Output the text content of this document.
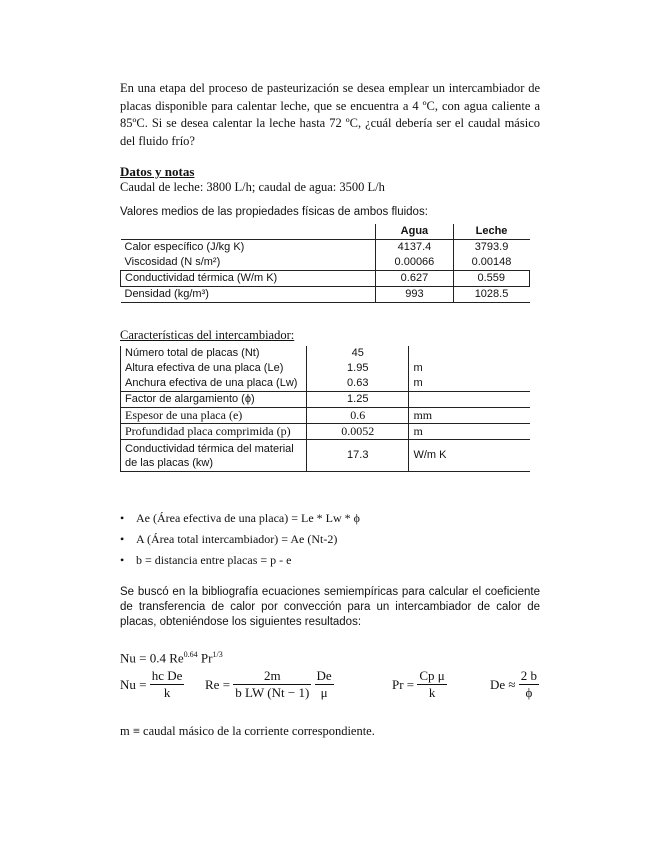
En una etapa del proceso de pasteurización se desea emplear un intercambiador de placas disponible para calentar leche, que se encuentra a 4 ºC, con agua caliente a 85ºC. Si se desea calentar la leche hasta 72 ºC, ¿cuál debería ser el caudal másico del fluido frío?
Datos y notas
Caudal de leche: 3800 L/h; caudal de agua: 3500 L/h
Valores medios de las propiedades físicas de ambos fluidos:
	Agua	Leche
Calor específico (J/kg K)	4137.4	3793.9
Viscosidad (N s/m²)	0.00066	0.00148
Conductividad térmica (W/m K)	0.627	0.559
Densidad (kg/m³)	993	1028.5
Características del intercambiador:
Número total de placas (Nt)	45	
Altura efectiva de una placa (Le)	1.95	m
Anchura efectiva de una placa (Lw)	0.63	m
Factor de alargamiento (ϕ)	1.25	
Espesor de una placa (e)	0.6	mm
Profundidad placa comprimida (p)	0.0052	m
Conductividad térmica del material de las placas (kw)	17.3	W/m K
• Ae (Área efectiva de una placa) = Le * Lw * ϕ
• A (Área total intercambiador) = Ae (Nt-2)
• b = distancia entre placas = p - e
Se buscó en la bibliografía ecuaciones semiempíricas para calcular el coeficiente de transferencia de calor por convección para un intercambiador de calor de placas, obteniéndose los siguientes resultados:
Nu = 0.4 $Re^{0.64}$ $Pr^{1/3}$
$Nu = \frac{\text{hc De}}{k}$ $Re = \frac{2m}{\text{b LW (Nt − 1)}}$
$\frac{De}{\mu}$	$Pr = \frac{\text{Cp μ}}{k}$	$De \approx \frac{2 b}{\phi}$
m ≡ caudal másico de la corriente correspondiente.
